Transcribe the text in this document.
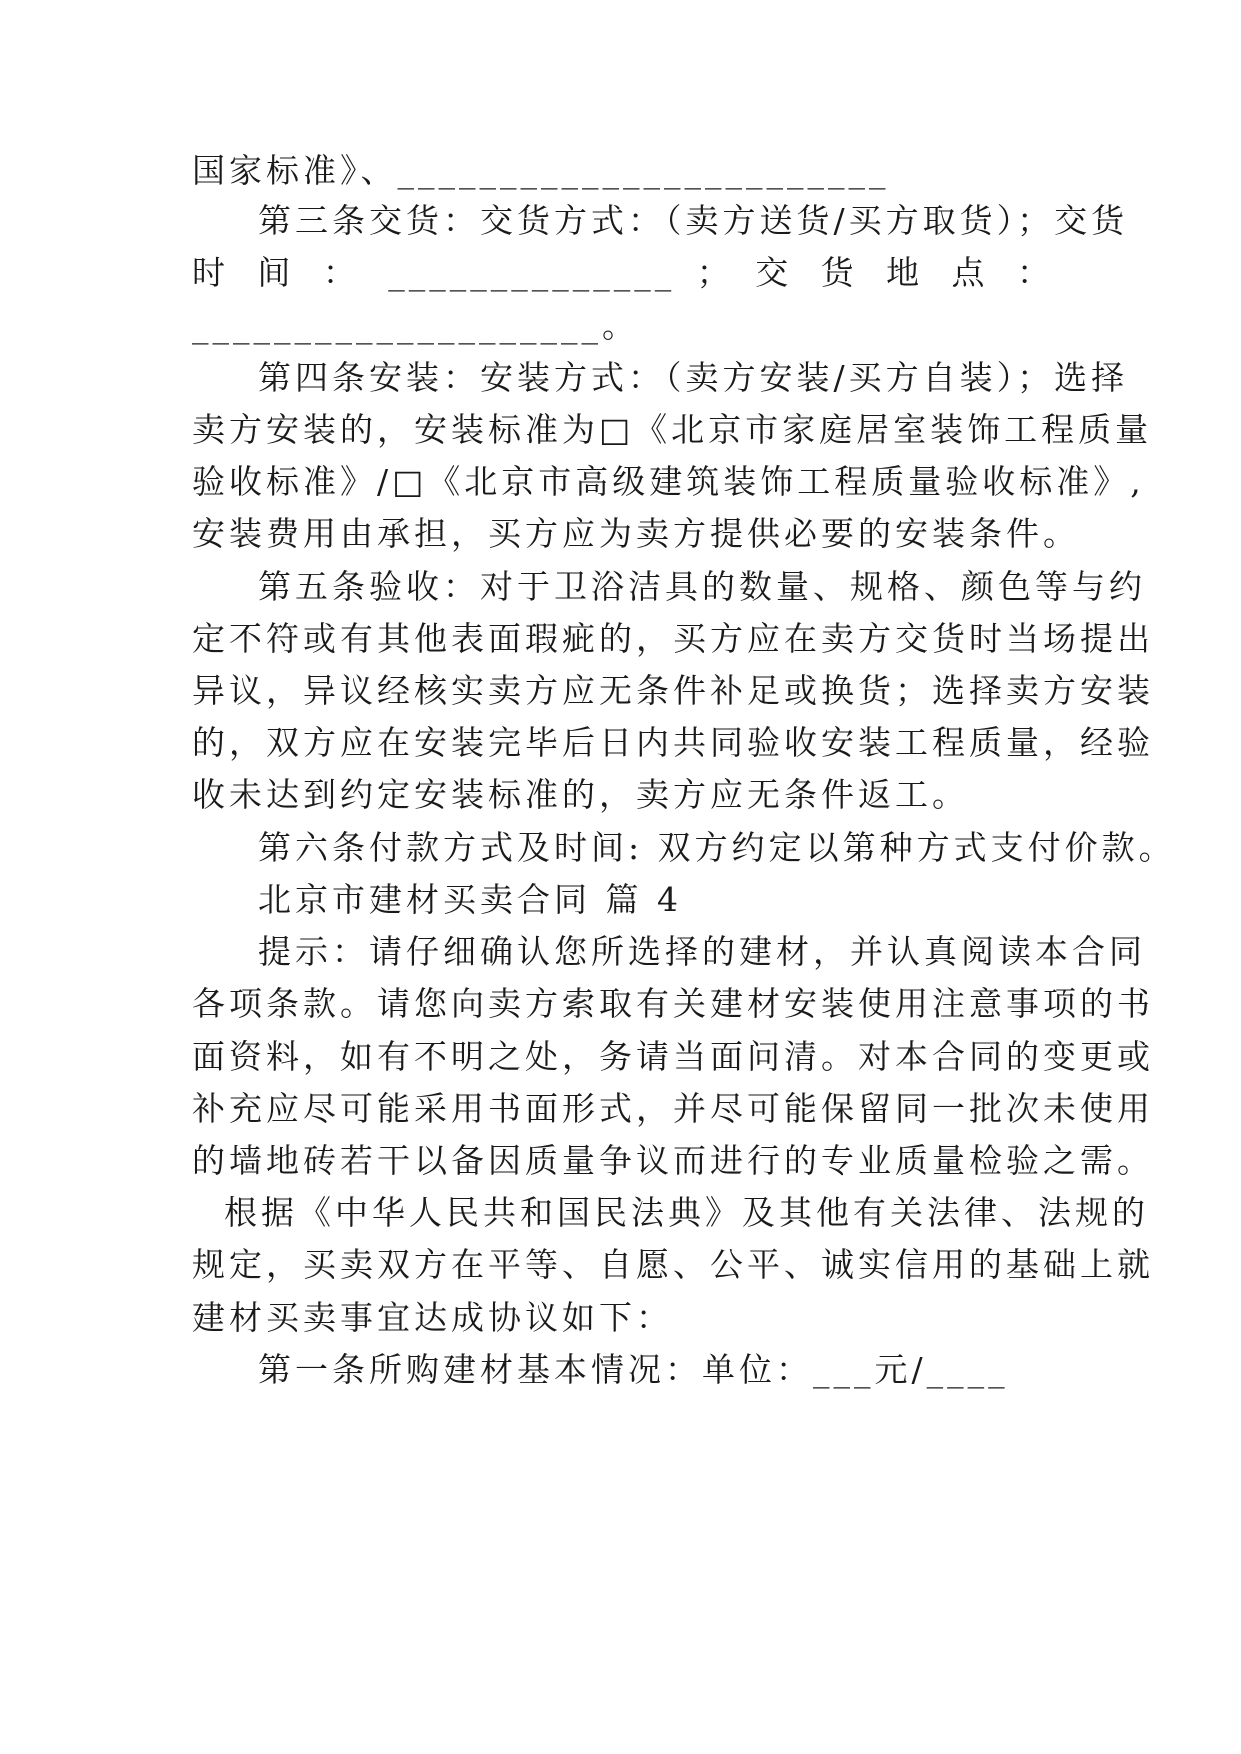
国家标准》、________________________
第三条交货：交货方式：（卖方送货/买方取货）；交货
时 间 ： ______________ ； 交 货 地 点 ：
____________________。
第四条安装：安装方式：（卖方安装/买方自装）；选择
卖方安装的，安装标准为□《北京市家庭居室装饰工程质量
验收标准》/□《北京市高级建筑装饰工程质量验收标准》,
安装费用由承担，买方应为卖方提供必要的安装条件。
第五条验收：对于卫浴洁具的数量、规格、颜色等与约
定不符或有其他表面瑕疵的，买方应在卖方交货时当场提出
异议，异议经核实卖方应无条件补足或换货；选择卖方安装
的，双方应在安装完毕后日内共同验收安装工程质量，经验
收未达到约定安装标准的，卖方应无条件返工。
第六条付款方式及时间: 双方约定以第种方式支付价款。
北京市建材买卖合同 篇 4
提示：请仔细确认您所选择的建材，并认真阅读本合同
各项条款。请您向卖方索取有关建材安装使用注意事项的书
面资料，如有不明之处，务请当面问清。对本合同的变更或
补充应尽可能采用书面形式，并尽可能保留同一批次未使用
的墙地砖若干以备因质量争议而进行的专业质量检验之需。
根据《中华人民共和国民法典》及其他有关法律、法规的
规定，买卖双方在平等、自愿、公平、诚实信用的基础上就
建材买卖事宜达成协议如下：
第一条所购建材基本情况：单位：___元/____
